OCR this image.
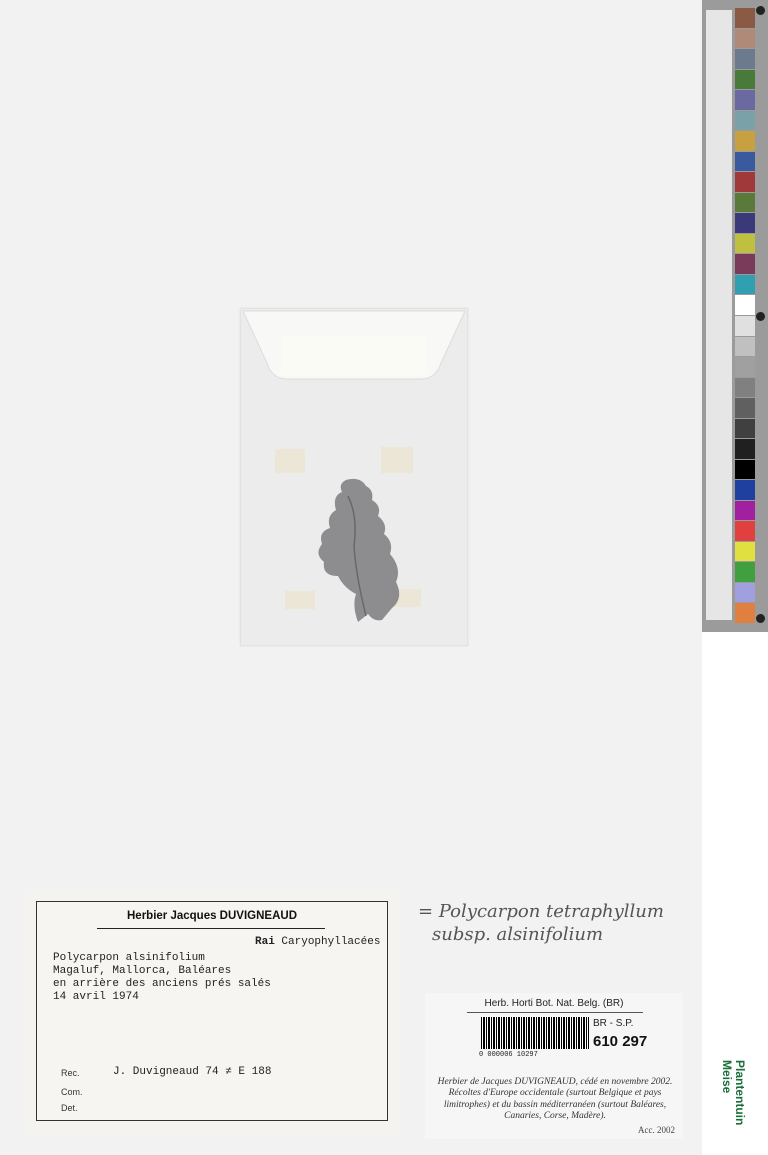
Herbier Jacques DUVIGNEAUD
Rai Caryophyllacées
Polycarpon alsinifolium
Magaluf, Mallorca, Baléares
en arrière des anciens prés salés
14 avril 1974
Rec.	J. Duvigneaud 74 ≠ E 188
Com.
Det.
= Polycarpon tetraphyllum
subsp. alsinifolium
Herb. Horti Bot. Nat. Belg. (BR)
0 000006 10297
BR - S.P.
610 297
Herbier de Jacques DUVIGNEAUD, cédé en novembre 2002. Récoltes d'Europe occidentale (surtout Belgique et pays limitrophes) et du bassin méditerranéen (surtout Baléares, Canaries, Corse, Madère).
Acc. 2002
Plantentuin
Meise
